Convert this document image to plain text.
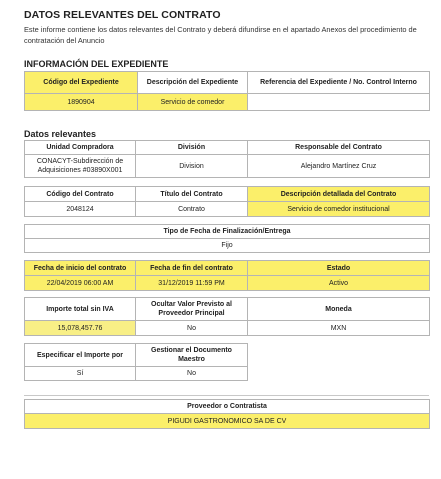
DATOS RELEVANTES DEL CONTRATO
Este informe contiene los datos relevantes del Contrato y deberá difundirse en el apartado Anexos del procedimiento de contratación del Anuncio
INFORMACIÓN DEL EXPEDIENTE
Código del Expediente	Descripción del Expediente	Referencia del Expediente / No. Control Interno
1890904	Servicio de comedor	
Datos relevantes
Unidad Compradora	División	Responsable del Contrato
CONACYT-Subdirección de Adquisiciones #03890X001	Division	Alejandro Martínez Cruz
Código del Contrato	Título del Contrato	Descripción detallada del Contrato
2048124	Contrato	Servicio de comedor institucional
Tipo de Fecha de Finalización/Entrega
Fijo
Fecha de inicio del contrato	Fecha de fin del contrato	Estado
22/04/2019 06:00 AM	31/12/2019 11:59 PM	Activo
Importe total sin IVA	Ocultar Valor Previsto al Proveedor Principal	Moneda
15,078,457.76	No	MXN
Especificar el Importe por	Gestionar el Documento Maestro
Sí	No
Proveedor o Contratista
PIGUDI GASTRONOMICO SA DE CV
